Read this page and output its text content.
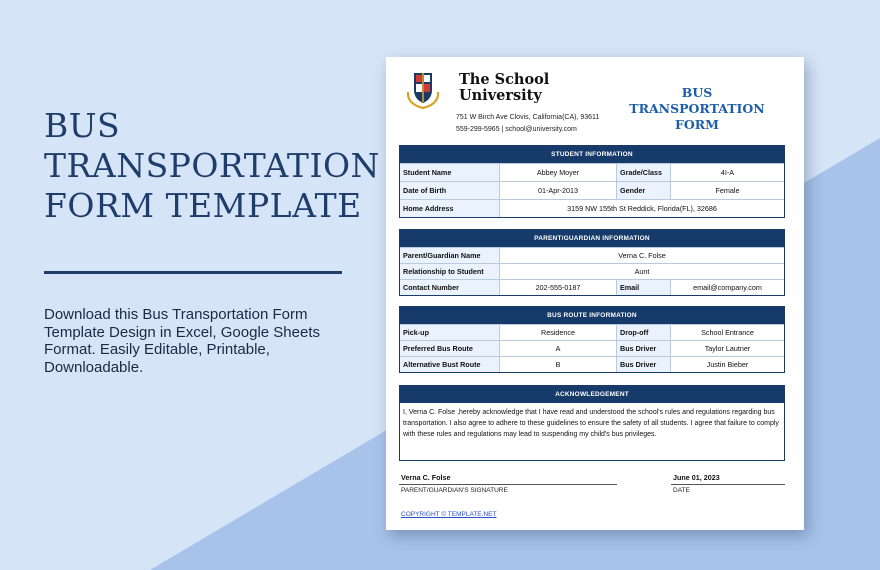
BUS
TRANSPORTATION
FORM TEMPLATE
Download this Bus Transportation Form Template Design in Excel, Google Sheets Format. Easily Editable, Printable, Downloadable.
The School
University
751 W Birch Ave Clovis, California(CA), 93611
559-299-5965 | school@university.com
BUS TRANSPORTATION
FORM
STUDENT INFORMATION
Student Name	Abbey Moyer	Grade/Class	4I-A
Date of Birth	01-Apr-2013	Gender	Female
Home Address	3159 NW 155th St Reddick, Florida(FL), 32686
PARENT/GUARDIAN INFORMATION
Parent/Guardian Name	Verna C. Folse
Relationship to Student	Aunt
Contact Number	202-555-0187	Email	email@company.com
BUS ROUTE INFORMATION
Pick-up	Residence	Drop-off	School Entrance
Preferred Bus Route	A	Bus Driver	Taylor Lautner
Alternative Bust Route	B	Bus Driver	Justin Bieber
ACKNOWLEDGEMENT
I, Verna C. Folse ,hereby acknowledge that I have read and understood the school's rules and regulations regarding bus transportation. I also agree to adhere to these guidelines to ensure the safety of all students. I agree that failure to comply with these rules and regulations may lead to suspending my child's bus privileges.
Verna C. Folse
PARENT/GUARDIAN'S SIGNATURE
June 01, 2023
DATE
COPYRIGHT © TEMPLATE.NET
